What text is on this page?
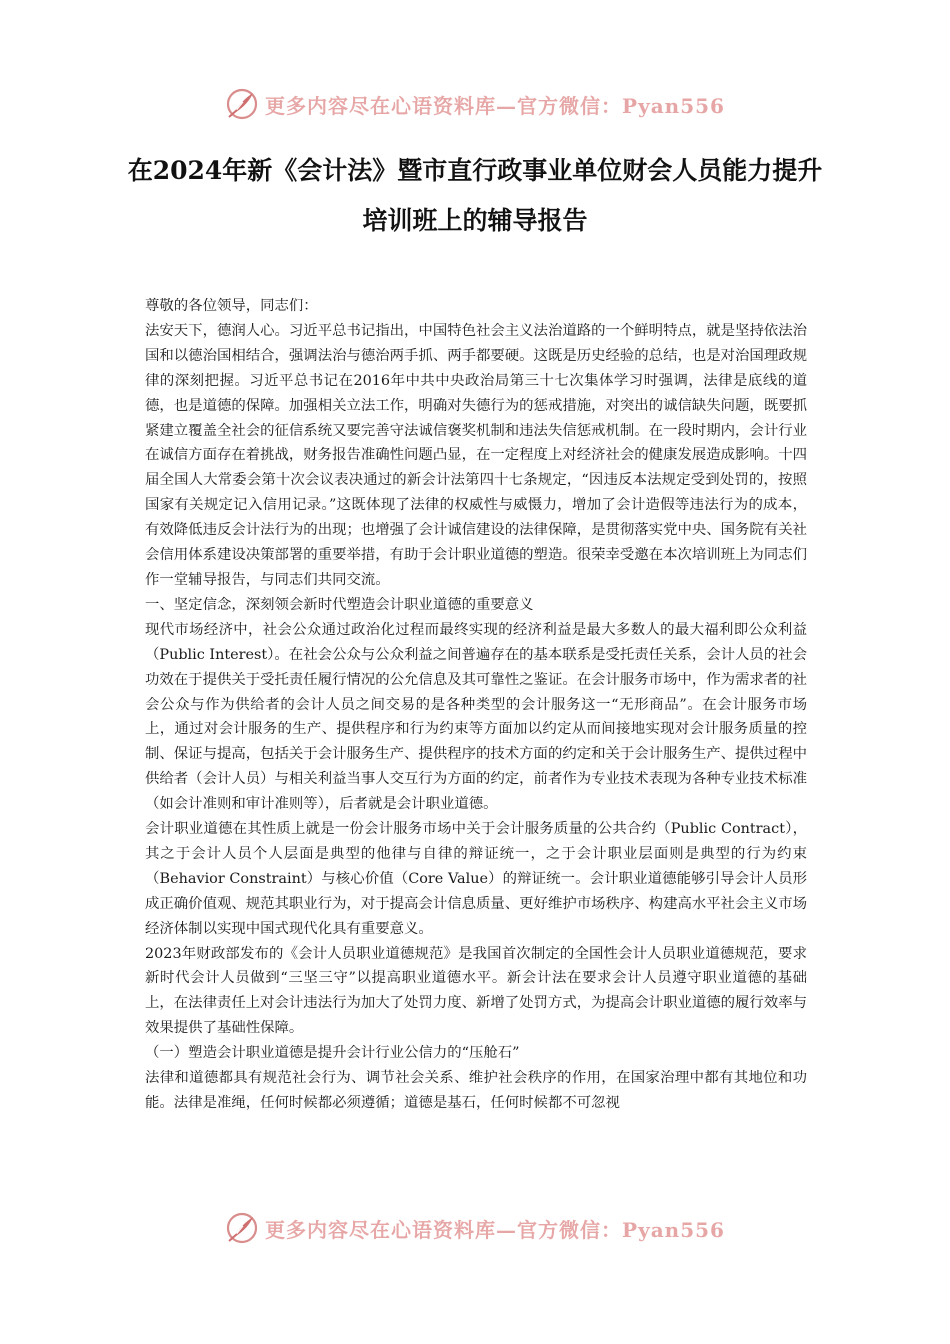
更多内容尽在心语资料库—官方微信：Pyan556
在2024年新《会计法》暨市直行政事业单位财会人员能力提升培训班上的辅导报告

尊敬的各位领导，同志们：

法安天下，德润人心。习近平总书记指出，中国特色社会主义法治道路的一个鲜明特点，就是坚持依法治国和以德治国相结合，强调法治与德治两手抓、两手都要硬。这既是历史经验的总结，也是对治国理政规律的深刻把握。习近平总书记在2016年中共中央政治局第三十七次集体学习时强调，法律是底线的道德，也是道德的保障。加强相关立法工作，明确对失德行为的惩戒措施，对突出的诚信缺失问题，既要抓紧建立覆盖全社会的征信系统又要完善守法诚信褒奖机制和违法失信惩戒机制。在一段时期内，会计行业在诚信方面存在着挑战，财务报告准确性问题凸显，在一定程度上对经济社会的健康发展造成影响。十四届全国人大常委会第十次会议表决通过的新会计法第四十七条规定，“因违反本法规定受到处罚的，按照国家有关规定记入信用记录。”这既体现了法律的权威性与威慑力，增加了会计造假等违法行为的成本，有效降低违反会计法行为的出现；也增强了会计诚信建设的法律保障，是贯彻落实党中央、国务院有关社会信用体系建设决策部署的重要举措，有助于会计职业道德的塑造。很荣幸受邀在本次培训班上为同志们作一堂辅导报告，与同志们共同交流。

一、坚定信念，深刻领会新时代塑造会计职业道德的重要意义

现代市场经济中，社会公众通过政治化过程而最终实现的经济利益是最大多数人的最大福利即公众利益（Public Interest）。在社会公众与公众利益之间普遍存在的基本联系是受托责任关系，会计人员的社会功效在于提供关于受托责任履行情况的公允信息及其可靠性之鉴证。在会计服务市场中，作为需求者的社会公众与作为供给者的会计人员之间交易的是各种类型的会计服务这一“无形商品”。在会计服务市场上，通过对会计服务的生产、提供程序和行为约束等方面加以约定从而间接地实现对会计服务质量的控制、保证与提高，包括关于会计服务生产、提供程序的技术方面的约定和关于会计服务生产、提供过程中供给者（会计人员）与相关利益当事人交互行为方面的约定，前者作为专业技术表现为各种专业技术标准（如会计准则和审计准则等），后者就是会计职业道德。

会计职业道德在其性质上就是一份会计服务市场中关于会计服务质量的公共合约（Public Contract），其之于会计人员个人层面是典型的他律与自律的辩证统一，之于会计职业层面则是典型的行为约束（Behavior Constraint）与核心价值（Core Value）的辩证统一。会计职业道德能够引导会计人员形成正确价值观、规范其职业行为，对于提高会计信息质量、更好维护市场秩序、构建高水平社会主义市场经济体制以实现中国式现代化具有重要意义。

2023年财政部发布的《会计人员职业道德规范》是我国首次制定的全国性会计人员职业道德规范，要求新时代会计人员做到“三坚三守”以提高职业道德水平。新会计法在要求会计人员遵守职业道德的基础上，在法律责任上对会计违法行为加大了处罚力度、新增了处罚方式，为提高会计职业道德的履行效率与效果提供了基础性保障。

（一）塑造会计职业道德是提升会计行业公信力的“压舱石”

法律和道德都具有规范社会行为、调节社会关系、维护社会秩序的作用，在国家治理中都有其地位和功能。法律是准绳，任何时候都必须遵循；道德是基石，任何时候都不可忽视

更多内容尽在心语资料库—官方微信：Pyan556
